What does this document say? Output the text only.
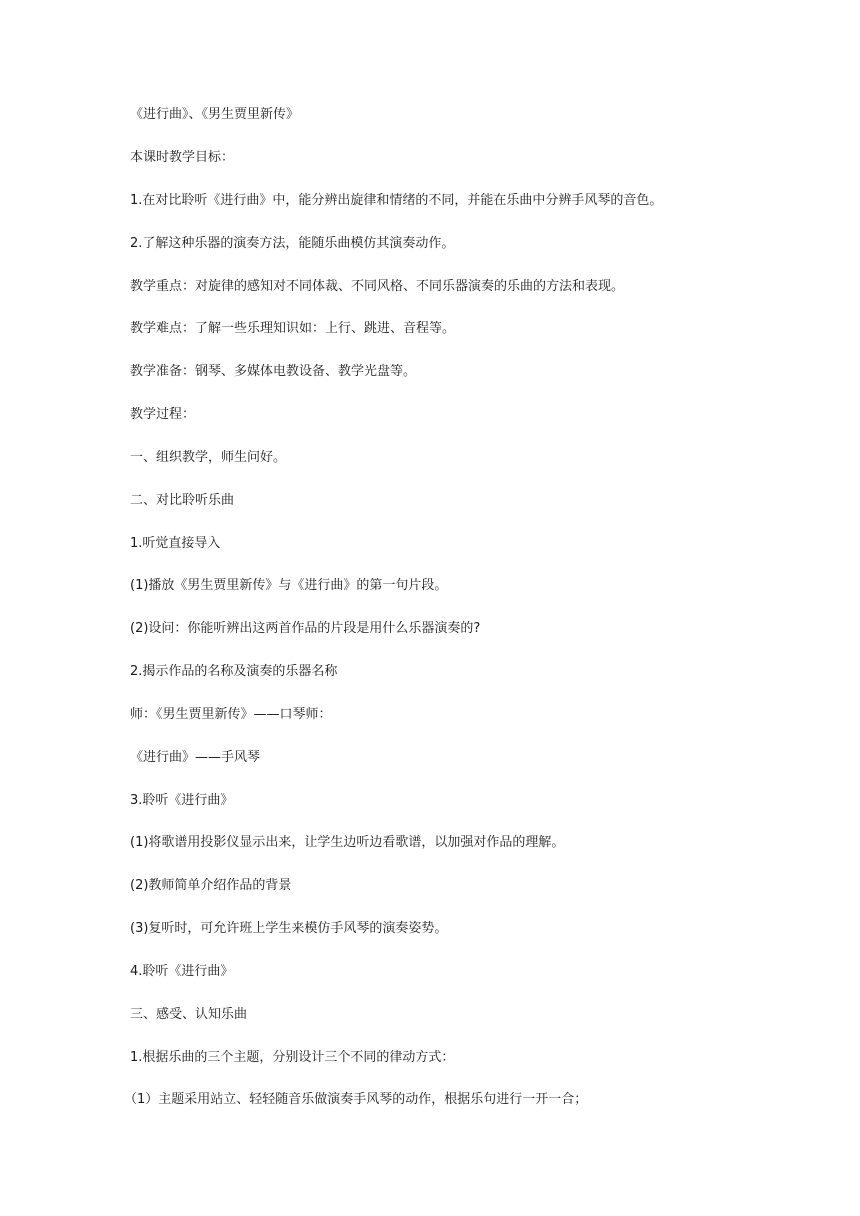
《进行曲》、《男生贾里新传》
本课时教学目标：
1.在对比聆听《进行曲》中，能分辨出旋律和情绪的不同，并能在乐曲中分辨手风琴的音色。
2.了解这种乐器的演奏方法，能随乐曲模仿其演奏动作。
教学重点：对旋律的感知对不同体裁、不同风格、不同乐器演奏的乐曲的方法和表现。
教学难点：了解一些乐理知识如：上行、跳进、音程等。
教学准备：钢琴、多媒体电教设备、教学光盘等。
教学过程：
一、组织教学，师生问好。
二、对比聆听乐曲
1.听觉直接导入
(1)播放《男生贾里新传》与《进行曲》的第一句片段。
(2)设问：你能听辨出这两首作品的片段是用什么乐器演奏的?
2.揭示作品的名称及演奏的乐器名称
师：《男生贾里新传》——口琴师：
《进行曲》——手风琴
3.聆听《进行曲》
(1)将歌谱用投影仪显示出来，让学生边听边看歌谱，以加强对作品的理解。
(2)教师简单介绍作品的背景
(3)复听时，可允许班上学生来模仿手风琴的演奏姿势。
4.聆听《进行曲》
三、感受、认知乐曲
1.根据乐曲的三个主题，分别设计三个不同的律动方式：
（1）主题采用站立、轻轻随音乐做演奏手风琴的动作，根据乐句进行一开一合；
